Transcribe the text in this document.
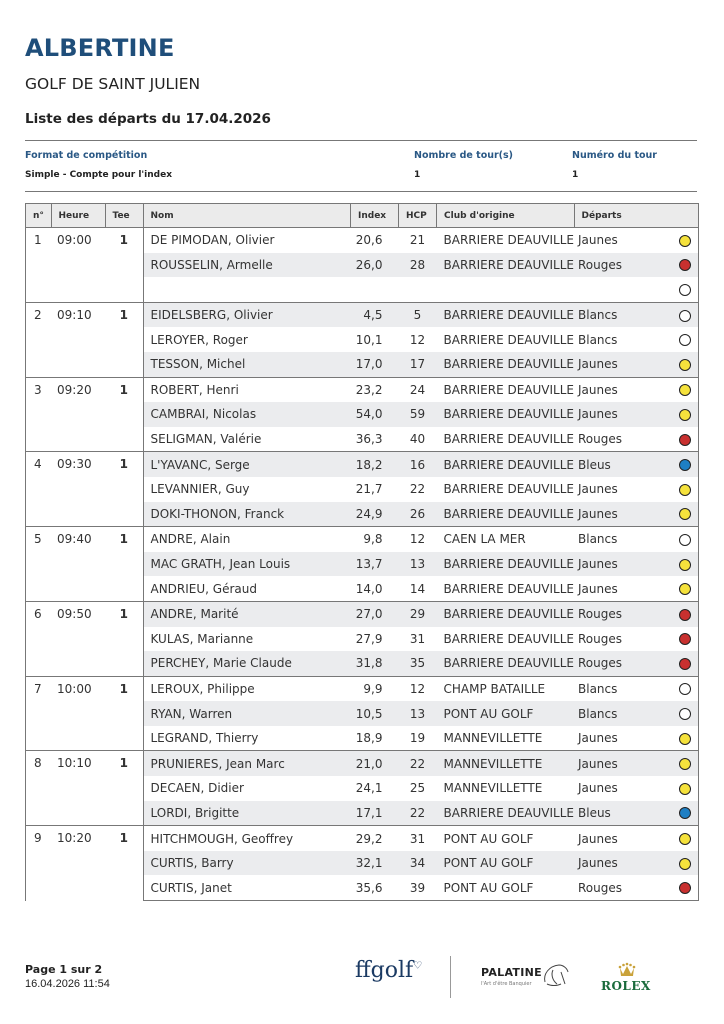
ALBERTINE
GOLF DE SAINT JULIEN
Liste des départs du 17.04.2026
Format de compétition
Simple - Compte pour l'index
Nombre de tour(s)
1
Numéro du tour
1
n°	Heure	Tee	Nom	Index	HCP	Club d'origine	Départs	
1	09:00	1	DE PIMODAN, Olivier	20,6	21	BARRIERE DEAUVILLE	Jaunes	
			ROUSSELIN, Armelle	26,0	28	BARRIERE DEAUVILLE	Rouges	

2	09:10	1	EIDELSBERG, Olivier	4,5	5	BARRIERE DEAUVILLE	Blancs	
			LEROYER, Roger	10,1	12	BARRIERE DEAUVILLE	Blancs	
			TESSON, Michel	17,0	17	BARRIERE DEAUVILLE	Jaunes	
3	09:20	1	ROBERT, Henri	23,2	24	BARRIERE DEAUVILLE	Jaunes	
			CAMBRAI, Nicolas	54,0	59	BARRIERE DEAUVILLE	Jaunes	
			SELIGMAN, Valérie	36,3	40	BARRIERE DEAUVILLE	Rouges	
4	09:30	1	L'YAVANC, Serge	18,2	16	BARRIERE DEAUVILLE	Bleus	
			LEVANNIER, Guy	21,7	22	BARRIERE DEAUVILLE	Jaunes	
			DOKI-THONON, Franck	24,9	26	BARRIERE DEAUVILLE	Jaunes	
5	09:40	1	ANDRE, Alain	9,8	12	CAEN LA MER	Blancs	
			MAC GRATH, Jean Louis	13,7	13	BARRIERE DEAUVILLE	Jaunes	
			ANDRIEU, Géraud	14,0	14	BARRIERE DEAUVILLE	Jaunes	
6	09:50	1	ANDRE, Marité	27,0	29	BARRIERE DEAUVILLE	Rouges	
			KULAS, Marianne	27,9	31	BARRIERE DEAUVILLE	Rouges	
			PERCHEY, Marie Claude	31,8	35	BARRIERE DEAUVILLE	Rouges	
7	10:00	1	LEROUX, Philippe	9,9	12	CHAMP BATAILLE	Blancs	
			RYAN, Warren	10,5	13	PONT AU GOLF	Blancs	
			LEGRAND, Thierry	18,9	19	MANNEVILLETTE	Jaunes	
8	10:10	1	PRUNIERES, Jean Marc	21,0	22	MANNEVILLETTE	Jaunes	
			DECAEN, Didier	24,1	25	MANNEVILLETTE	Jaunes	
			LORDI, Brigitte	17,1	22	BARRIERE DEAUVILLE	Bleus	
9	10:20	1	HITCHMOUGH, Geoffrey	29,2	31	PONT AU GOLF	Jaunes	
			CURTIS, Barry	32,1	34	PONT AU GOLF	Jaunes	
			CURTIS, Janet	35,6	39	PONT AU GOLF	Rouges	
Page 1 sur 2
16.04.2026 11:54
ffgolf♡	PALATINE
l'Art d'être Banquier	ROLEX
